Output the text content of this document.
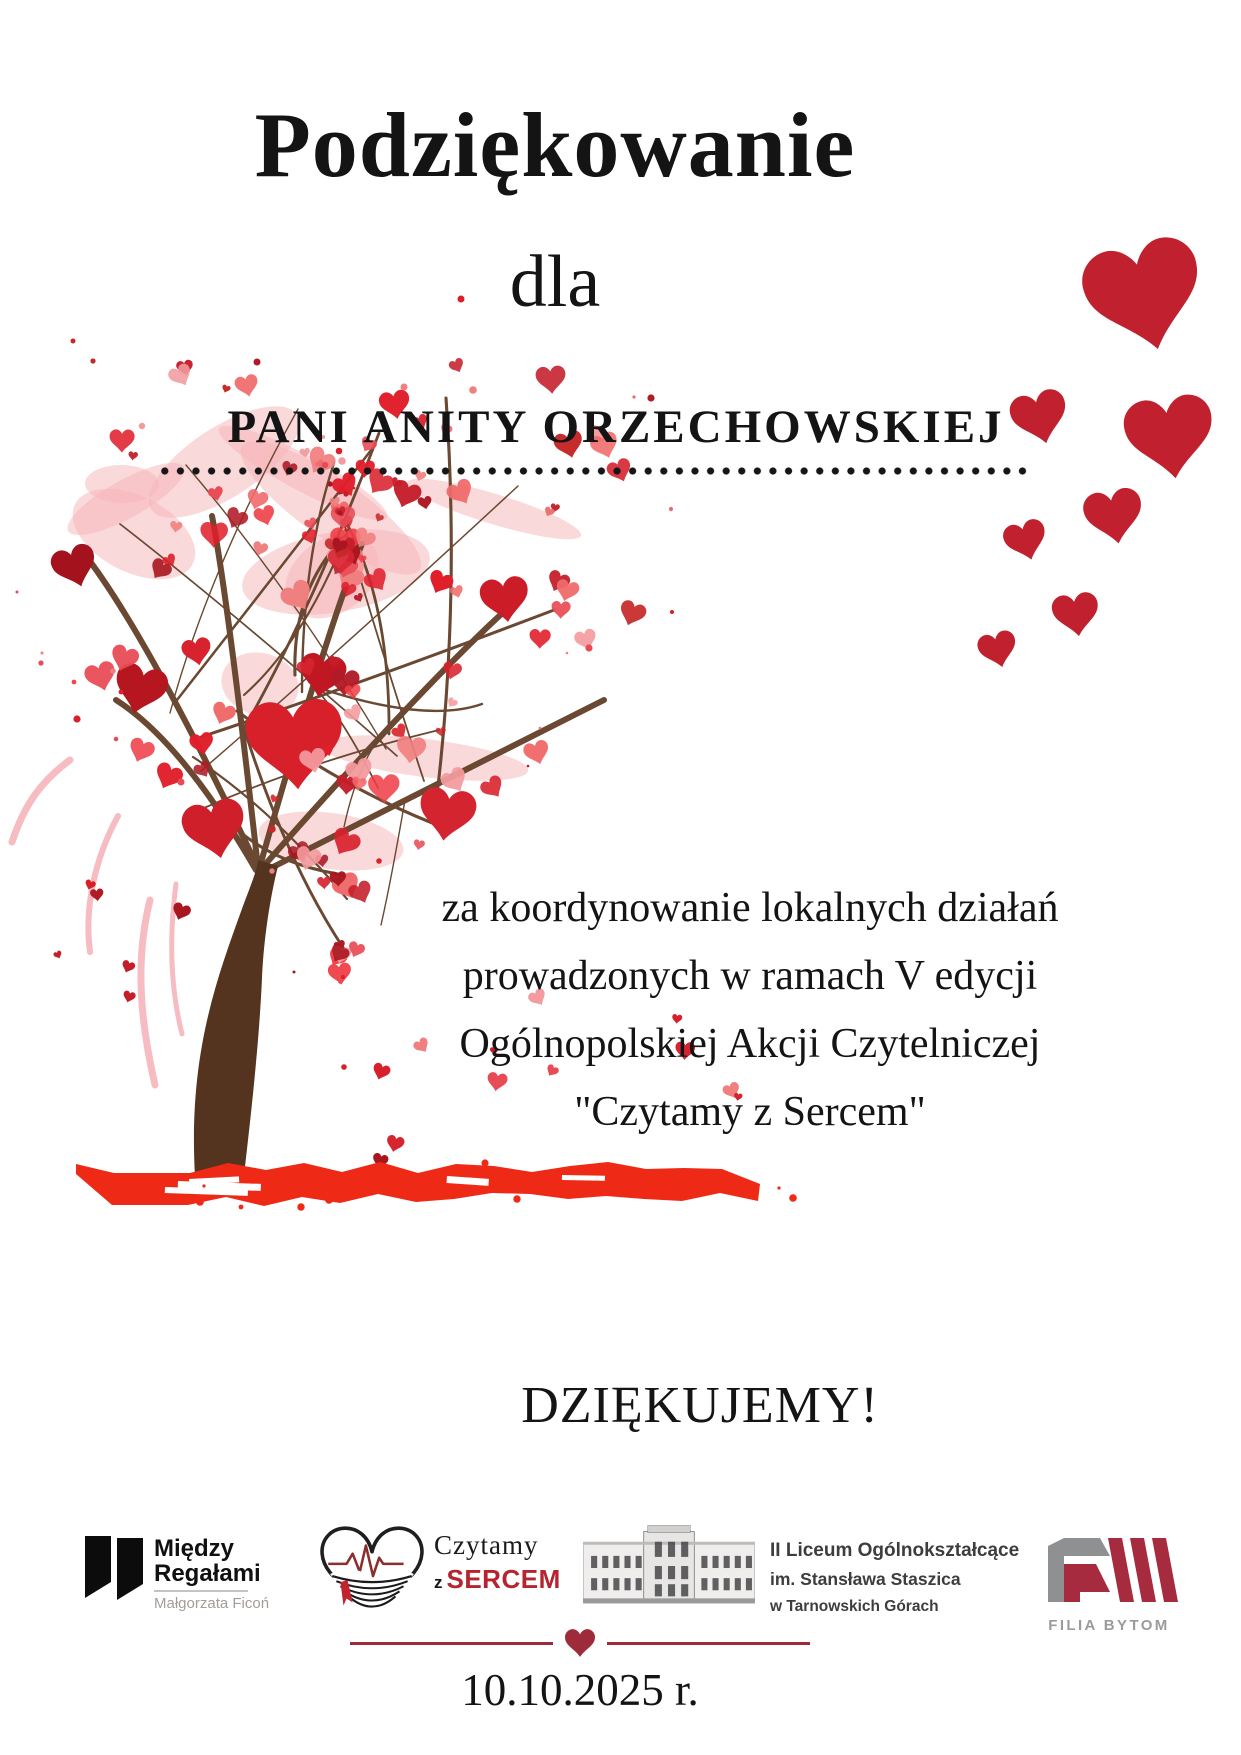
Podziękowanie
dla
PANI ANITY ORZECHOWSKIEJ
za koordynowanie lokalnych działań
prowadzonych w ramach V edycji
Ogólnopolskiej Akcji Czytelniczej
"Czytamy z Sercem"
DZIĘKUJEMY!
Między
Regałami
Małgorzata Ficoń
Czytamy
z SERCEM
II Liceum Ogólnokształcące
im. Stansława Staszica
w Tarnowskich Górach
FILIA BYTOM
10.10.2025 r.
